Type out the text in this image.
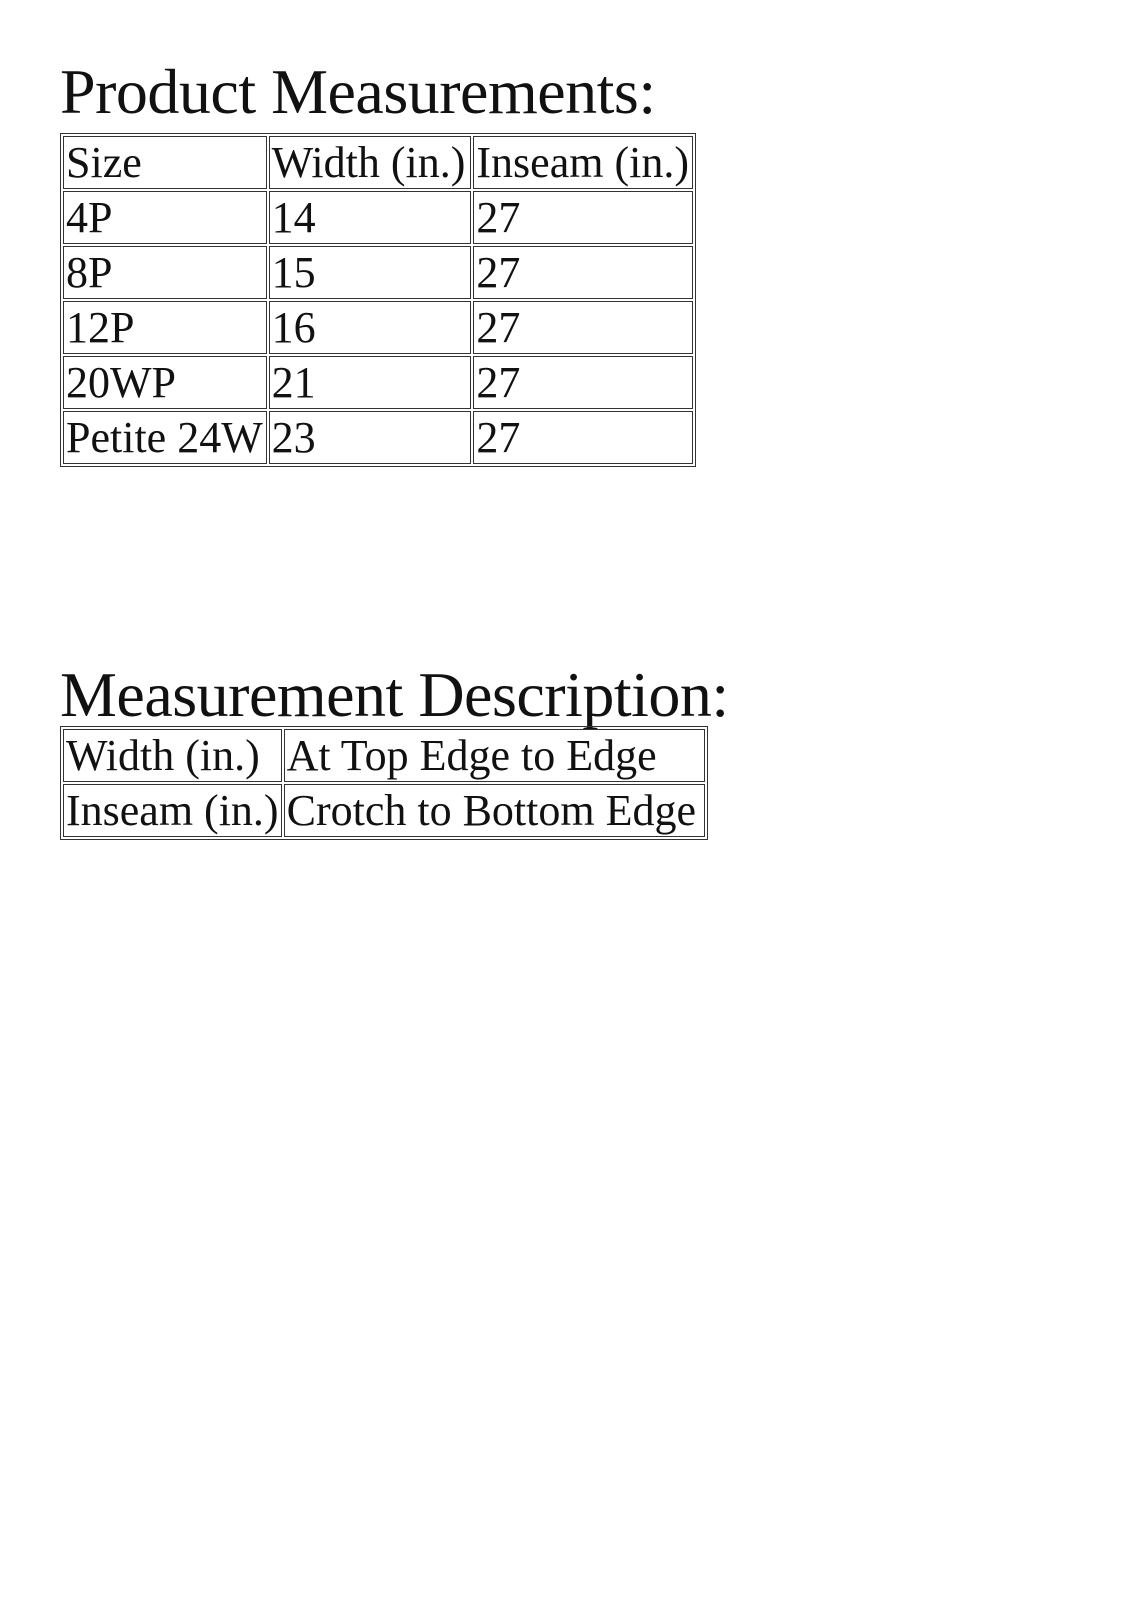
Product Measurements:
Size	Width (in.)	Inseam (in.)
4P	14	27
8P	15	27
12P	16	27
20WP	21	27
Petite 24W	23	27
Measurement Description:
Width (in.)	At Top Edge to Edge
Inseam (in.)	Crotch to Bottom Edge
